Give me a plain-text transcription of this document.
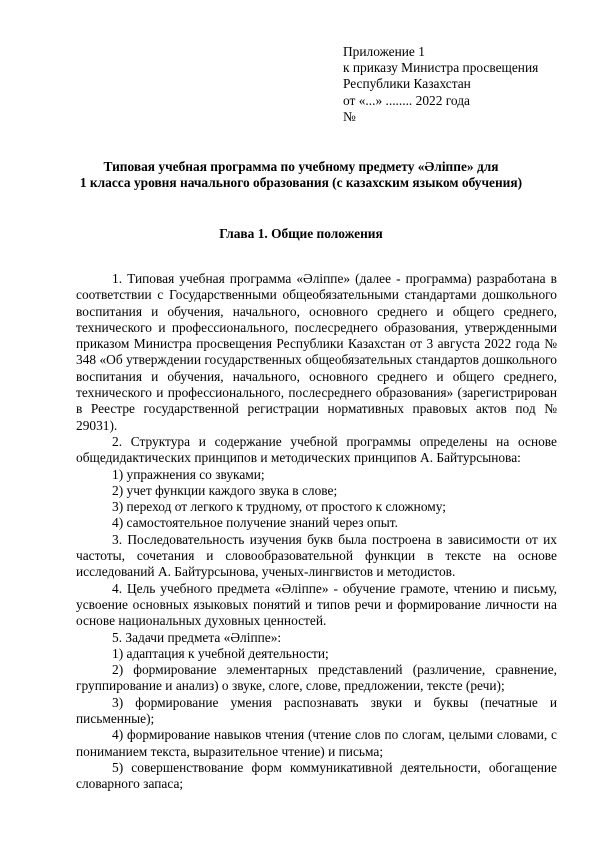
Приложение 1
к приказу Министра просвещения
Республики Казахстан
от «...» ........ 2022 года
№
Типовая учебная программа по учебному предмету «Әліппе» для
1 класса уровня начального образования (с казахским языком обучения)
Глава 1. Общие положения

1. Типовая учебная программа «Әліппе» (далее - программа) разработана в соответствии с Государственными общеобязательными стандартами дошкольного воспитания и обучения, начального, основного среднего и общего среднего, технического и профессионального, послесреднего образования, утвержденными приказом Министра просвещения Республики Казахстан от 3 августа 2022 года № 348 «Об утверждении государственных общеобязательных стандартов дошкольного воспитания и обучения, начального, основного среднего и общего среднего, технического и профессионального, послесреднего образования» (зарегистрирован в Реестре государственной регистрации нормативных правовых актов под № 29031).

2. Структура и содержание учебной программы определены на основе общедидактических принципов и методических принципов А. Байтурсынова:

1) упражнения со звуками;

2) учет функции каждого звука в слове;

3) переход от легкого к трудному, от простого к сложному;

4) самостоятельное получение знаний через опыт.

3. Последовательность изучения букв была построена в зависимости от их частоты, сочетания и словообразовательной функции в тексте на основе исследований А. Байтурсынова, ученых-лингвистов и методистов.

4. Цель учебного предмета «Әліппе» - обучение грамоте, чтению и письму, усвоение основных языковых понятий и типов речи и формирование личности на основе национальных духовных ценностей.

5. Задачи предмета «Әліппе»:

1) адаптация к учебной деятельности;

2) формирование элементарных представлений (различение, сравнение, группирование и анализ) о звуке, слоге, слове, предложении, тексте (речи);

3) формирование умения распознавать звуки и буквы (печатные и письменные);

4) формирование навыков чтения (чтение слов по слогам, целыми словами, с пониманием текста, выразительное чтение) и письма;

5) совершенствование форм коммуникативной деятельности, обогащение словарного запаса;
